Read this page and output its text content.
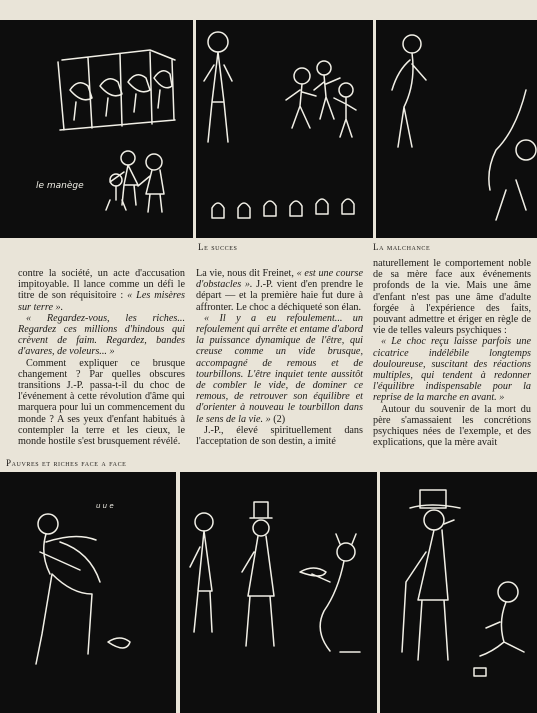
le manège
Le succes	La malchance

contre la société, un acte d'accusation impitoyable. Il lance comme un défi le titre de son réquisitoire : « Les misères sur terre ».

« Regardez-vous, les riches... Regardez ces millions d'hindous qui crèvent de faim. Regardez, bandes d'avares, de voleurs... »

Comment expliquer ce brusque changement ? Par quelles obscures transitions J.-P. passa-t-il du choc de l'événement à cette révolution d'âme qui marquera pour lui un commencement du monde ? A ses yeux d'enfant habitués à contempler la terre et les cieux, le monde hostile s'est brusquement révélé.

La vie, nous dit Freinet, « est une course d'obstacles ». J.-P. vient d'en prendre le départ — et la première haie fut dure à affronter. Le choc a déchiqueté son élan.

« Il y a eu refoulement... un refoulement qui arrête et entame d'abord la puissance dynamique de l'être, qui creuse comme un vide brusque, accompagné de remous et de tourbillons. L'être inquiet tente aussitôt de combler le vide, de dominer ce remous, de retrouver son équilibre et d'orienter à nouveau le tourbillon dans le sens de la vie. » (2)

J.-P., élevé spirituellement dans l'acceptation de son destin, a imité

naturellement le comportement noble de sa mère face aux événements profonds de la vie. Mais une âme d'enfant n'est pas une âme d'adulte forgée à l'expérience des faits, pouvant admettre et ériger en règle de vie de telles valeurs psychiques :

« Le choc reçu laisse parfois une cicatrice indélébile longtemps douloureuse, suscitant des réactions multiples, qui tendent à redonner l'équilibre indispensable pour la reprise de la marche en avant. »

Autour du souvenir de la mort du père s'amassaient les concrétions psychiques nées de l'exemple, et des explications, que la mère avait

Pauvres et riches face a face
u u e
